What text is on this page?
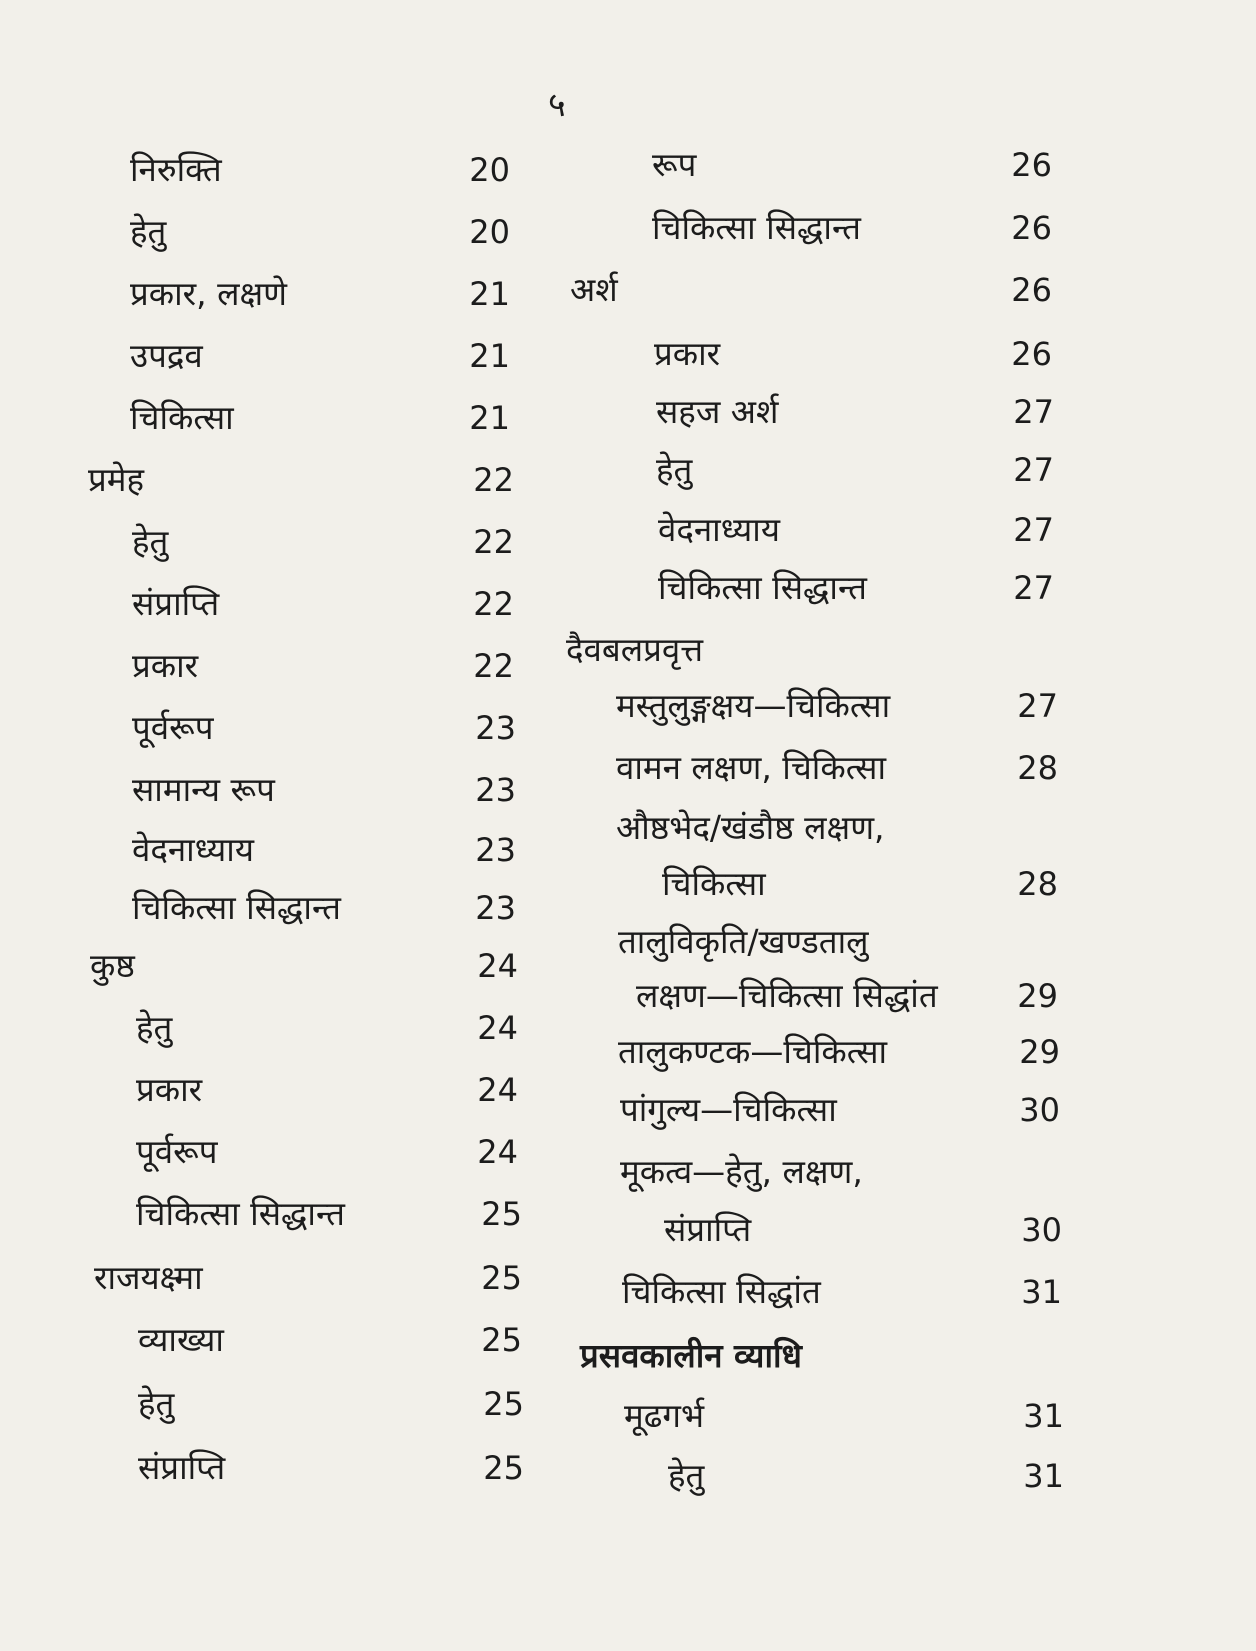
५
निरुक्ति	20
हेतु	20
प्रकार, लक्षणे	21
उपद्रव	21
चिकित्सा	21
प्रमेह	22
हेतु	22
संप्राप्ति	22
प्रकार	22
पूर्वरूप	23
सामान्य रूप	23
वेदनाध्याय	23
चिकित्सा सिद्धान्त	23
कुष्ठ	24
हेतु	24
प्रकार	24
पूर्वरूप	24
चिकित्सा सिद्धान्त	25
राजयक्ष्मा	25
व्याख्या	25
हेतु	25
संप्राप्ति	25
रूप	26
चिकित्सा सिद्धान्त	26
अर्श	26
प्रकार	26
सहज अर्श	27
हेतु	27
वेदनाध्याय	27
चिकित्सा सिद्धान्त	27
दैवबलप्रवृत्त
मस्तुलुङ्गक्षय—चिकित्सा	27
वामन लक्षण, चिकित्सा	28
औष्ठभेद/खंडौष्ठ लक्षण,
चिकित्सा	28
तालुविकृति/खण्डतालु
लक्षण—चिकित्सा सिद्धांत	29
तालुकण्टक—चिकित्सा	29
पांगुल्य—चिकित्सा	30
मूकत्व—हेतु, लक्षण,
संप्राप्ति	30
चिकित्सा सिद्धांत	31
प्रसवकालीन व्याधि
मूढगर्भ	31
हेतु	31
